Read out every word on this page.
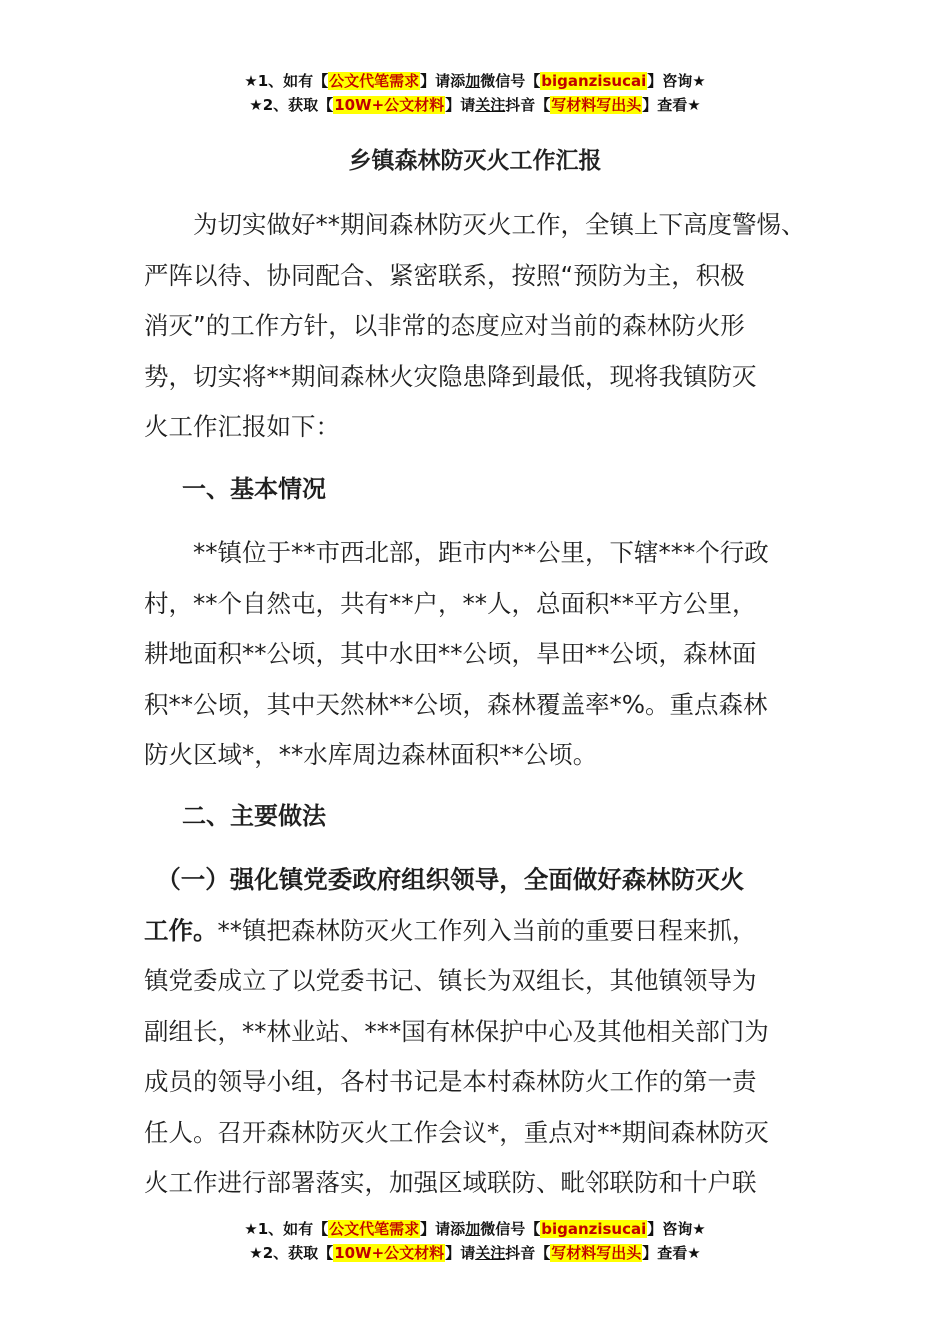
★1、如有【公文代笔需求】请添加微信号【biganzisucai】咨询★
★2、获取【10W+公文材料】请关注抖音【写材料写出头】查看★
乡镇森林防灭火工作汇报
　　为切实做好**期间森林防灭火工作，全镇上下高度警惕、
严阵以待、协同配合、紧密联系，按照“预防为主，积极
消灭”的工作方针，以非常的态度应对当前的森林防火形
势，切实将**期间森林火灾隐患降到最低，现将我镇防灭
火工作汇报如下：
一、基本情况
　　**镇位于**市西北部，距市内**公里，下辖***个行政
村，**个自然屯，共有**户，**人，总面积**平方公里，
耕地面积**公顷，其中水田**公顷，旱田**公顷，森林面
积**公顷，其中天然林**公顷，森林覆盖率*%。重点森林
防火区域*，**水库周边森林面积**公顷。
二、主要做法
　（一）强化镇党委政府组织领导，全面做好森林防灭火
工作。**镇把森林防灭火工作列入当前的重要日程来抓，
镇党委成立了以党委书记、镇长为双组长，其他镇领导为
副组长，**林业站、***国有林保护中心及其他相关部门为
成员的领导小组，各村书记是本村森林防火工作的第一责
任人。召开森林防灭火工作会议*，重点对**期间森林防灭
火工作进行部署落实，加强区域联防、毗邻联防和十户联
★1、如有【公文代笔需求】请添加微信号【biganzisucai】咨询★
★2、获取【10W+公文材料】请关注抖音【写材料写出头】查看★
